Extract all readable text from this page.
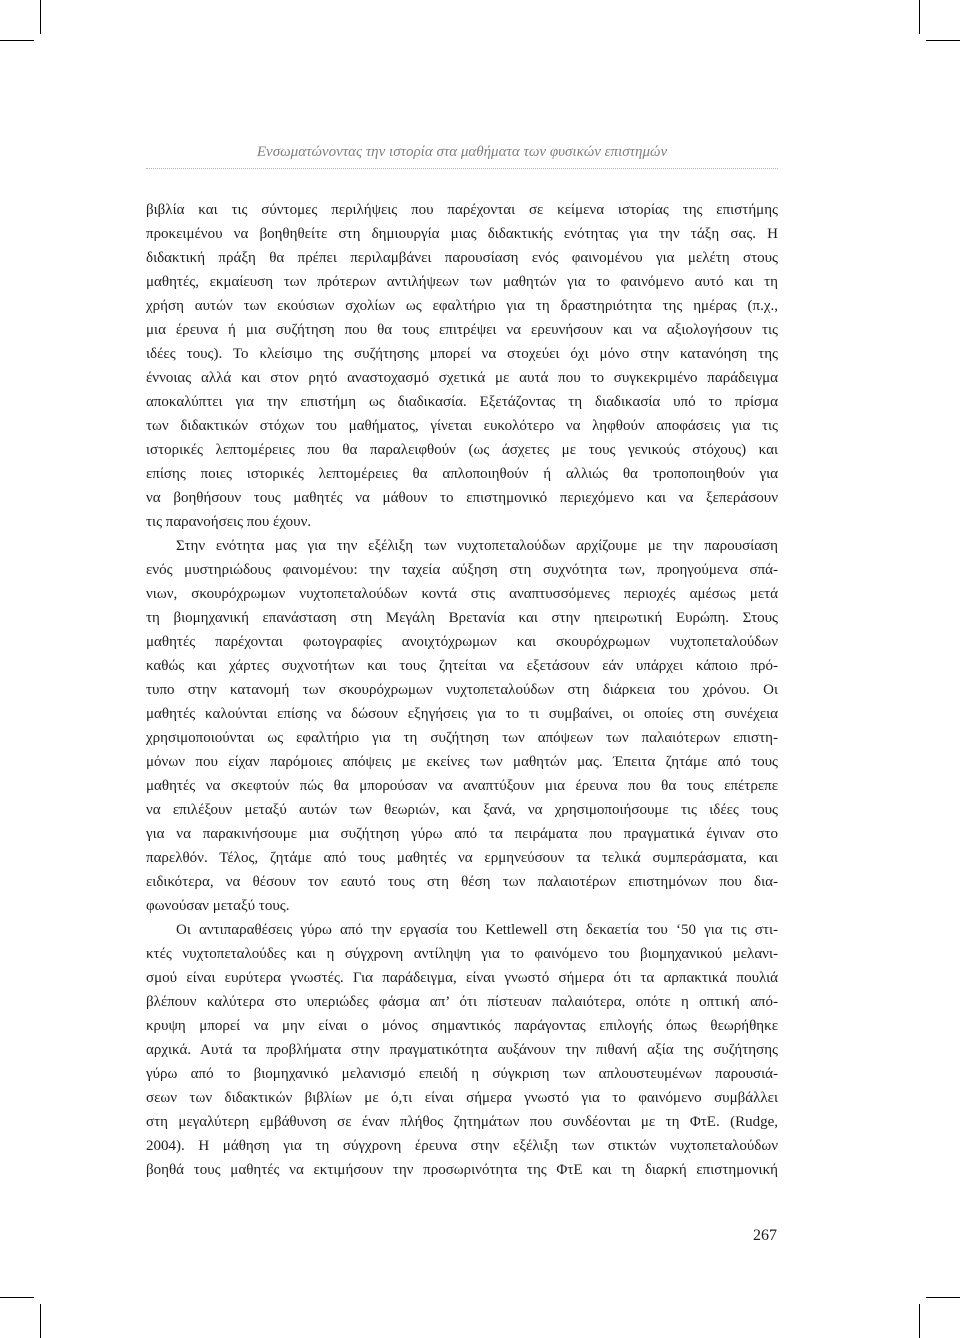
Ενσωματώνοντας την ιστορία στα μαθήματα των φυσικών επιστημών
βιβλία και τις σύντομες περιλήψεις που παρέχονται σε κείμενα ιστορίας της επιστήμης
προκειμένου να βοηθηθείτε στη δημιουργία μιας διδακτικής ενότητας για την τάξη σας. Η
διδακτική πράξη θα πρέπει περιλαμβάνει παρουσίαση ενός φαινομένου για μελέτη στους
μαθητές, εκμαίευση των πρότερων αντιλήψεων των μαθητών για το φαινόμενο αυτό και τη
χρήση αυτών των εκούσιων σχολίων ως εφαλτήριο για τη δραστηριότητα της ημέρας (π.χ.,
μια έρευνα ή μια συζήτηση που θα τους επιτρέψει να ερευνήσουν και να αξιολογήσουν τις
ιδέες τους). Το κλείσιμο της συζήτησης μπορεί να στοχεύει όχι μόνο στην κατανόηση της
έννοιας αλλά και στον ρητό αναστοχασμό σχετικά με αυτά που το συγκεκριμένο παράδειγμα
αποκαλύπτει για την επιστήμη ως διαδικασία. Εξετάζοντας τη διαδικασία υπό το πρίσμα
των διδακτικών στόχων του μαθήματος, γίνεται ευκολότερο να ληφθούν αποφάσεις για τις
ιστορικές λεπτομέρειες που θα παραλειφθούν (ως άσχετες με τους γενικούς στόχους) και
επίσης ποιες ιστορικές λεπτομέρειες θα απλοποιηθούν ή αλλιώς θα τροποποιηθούν για
να βοηθήσουν τους μαθητές να μάθουν το επιστημονικό περιεχόμενο και να ξεπεράσουν
τις παρανοήσεις που έχουν.
Στην ενότητα μας για την εξέλιξη των νυχτοπεταλούδων αρχίζουμε με την παρουσίαση
ενός μυστηριώδους φαινομένου: την ταχεία αύξηση στη συχνότητα των, προηγούμενα σπά-
νιων, σκουρόχρωμων νυχτοπεταλούδων κοντά στις αναπτυσσόμενες περιοχές αμέσως μετά
τη βιομηχανική επανάσταση στη Μεγάλη Βρετανία και στην ηπειρωτική Ευρώπη. Στους
μαθητές παρέχονται φωτογραφίες ανοιχτόχρωμων και σκουρόχρωμων νυχτοπεταλούδων
καθώς και χάρτες συχνοτήτων και τους ζητείται να εξετάσουν εάν υπάρχει κάποιο πρό-
τυπο στην κατανομή των σκουρόχρωμων νυχτοπεταλούδων στη διάρκεια του χρόνου. Οι
μαθητές καλούνται επίσης να δώσουν εξηγήσεις για το τι συμβαίνει, οι οποίες στη συνέχεια
χρησιμοποιούνται ως εφαλτήριο για τη συζήτηση των απόψεων των παλαιότερων επιστη-
μόνων που είχαν παρόμοιες απόψεις με εκείνες των μαθητών μας. Έπειτα ζητάμε από τους
μαθητές να σκεφτούν πώς θα μπορούσαν να αναπτύξουν μια έρευνα που θα τους επέτρεπε
να επιλέξουν μεταξύ αυτών των θεωριών, και ξανά, να χρησιμοποιήσουμε τις ιδέες τους
για να παρακινήσουμε μια συζήτηση γύρω από τα πειράματα που πραγματικά έγιναν στο
παρελθόν. Τέλος, ζητάμε από τους μαθητές να ερμηνεύσουν τα τελικά συμπεράσματα, και
ειδικότερα, να θέσουν τον εαυτό τους στη θέση των παλαιοτέρων επιστημόνων που δια-
φωνούσαν μεταξύ τους.
Οι αντιπαραθέσεις γύρω από την εργασία του Kettlewell στη δεκαετία του ‘50 για τις στι-
κτές νυχτοπεταλούδες και η σύγχρονη αντίληψη για το φαινόμενο του βιομηχανικού μελανι-
σμού είναι ευρύτερα γνωστές. Για παράδειγμα, είναι γνωστό σήμερα ότι τα αρπακτικά πουλιά
βλέπουν καλύτερα στο υπεριώδες φάσμα απ’ ότι πίστευαν παλαιότερα, οπότε η οπτική από-
κρυψη μπορεί να μην είναι ο μόνος σημαντικός παράγοντας επιλογής όπως θεωρήθηκε
αρχικά. Αυτά τα προβλήματα στην πραγματικότητα αυξάνουν την πιθανή αξία της συζήτησης
γύρω από το βιομηχανικό μελανισμό επειδή η σύγκριση των απλουστευμένων παρουσιά-
σεων των διδακτικών βιβλίων με ό,τι είναι σήμερα γνωστό για το φαινόμενο συμβάλλει
στη μεγαλύτερη εμβάθυνση σε έναν πλήθος ζητημάτων που συνδέονται με τη ΦτΕ. (Rudge,
2004). Η μάθηση για τη σύγχρονη έρευνα στην εξέλιξη των στικτών νυχτοπεταλούδων
βοηθά τους μαθητές να εκτιμήσουν την προσωρινότητα της ΦτΕ και τη διαρκή επιστημονική
267
